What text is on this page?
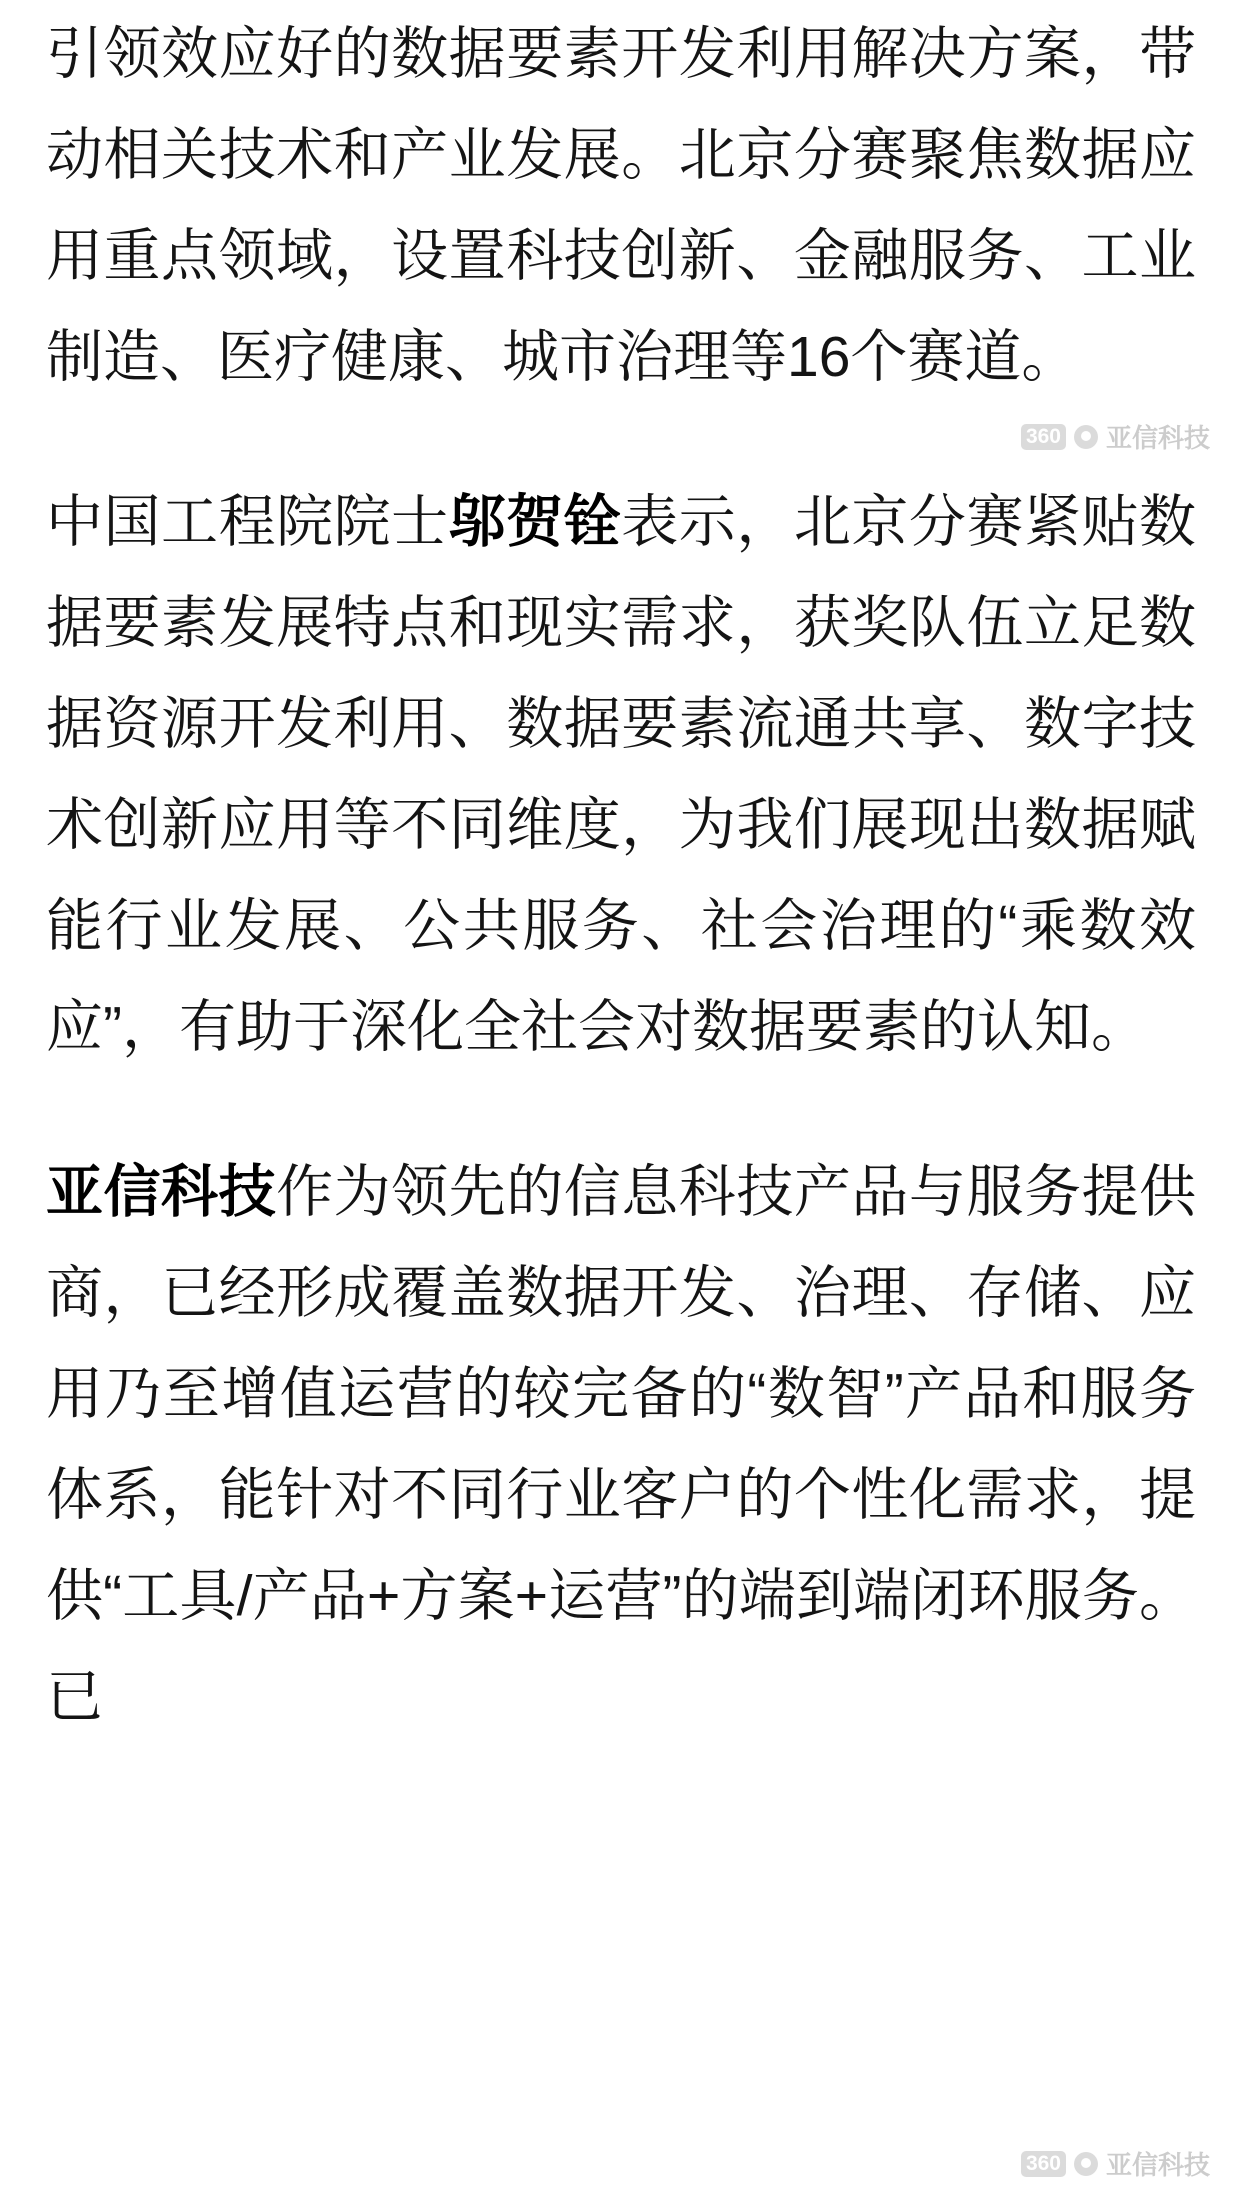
引领效应好的数据要素开发利用解决方案，带动相关技术和产业发展。北京分赛聚焦数据应用重点领域，设置科技创新、金融服务、工业制造、医疗健康、城市治理等16个赛道。

中国工程院院士邬贺铨表示，北京分赛紧贴数据要素发展特点和现实需求，获奖队伍立足数据资源开发利用、数据要素流通共享、数字技术创新应用等不同维度，为我们展现出数据赋能行业发展、公共服务、社会治理的“乘数效应”，有助于深化全社会对数据要素的认知。

亚信科技作为领先的信息科技产品与服务提供商，已经形成覆盖数据开发、治理、存储、应用乃至增值运营的较完备的“数智”产品和服务体系，能针对不同行业客户的个性化需求，提供“工具/产品+方案+运营”的端到端闭环服务。已

360 亚信科技
360 亚信科技
